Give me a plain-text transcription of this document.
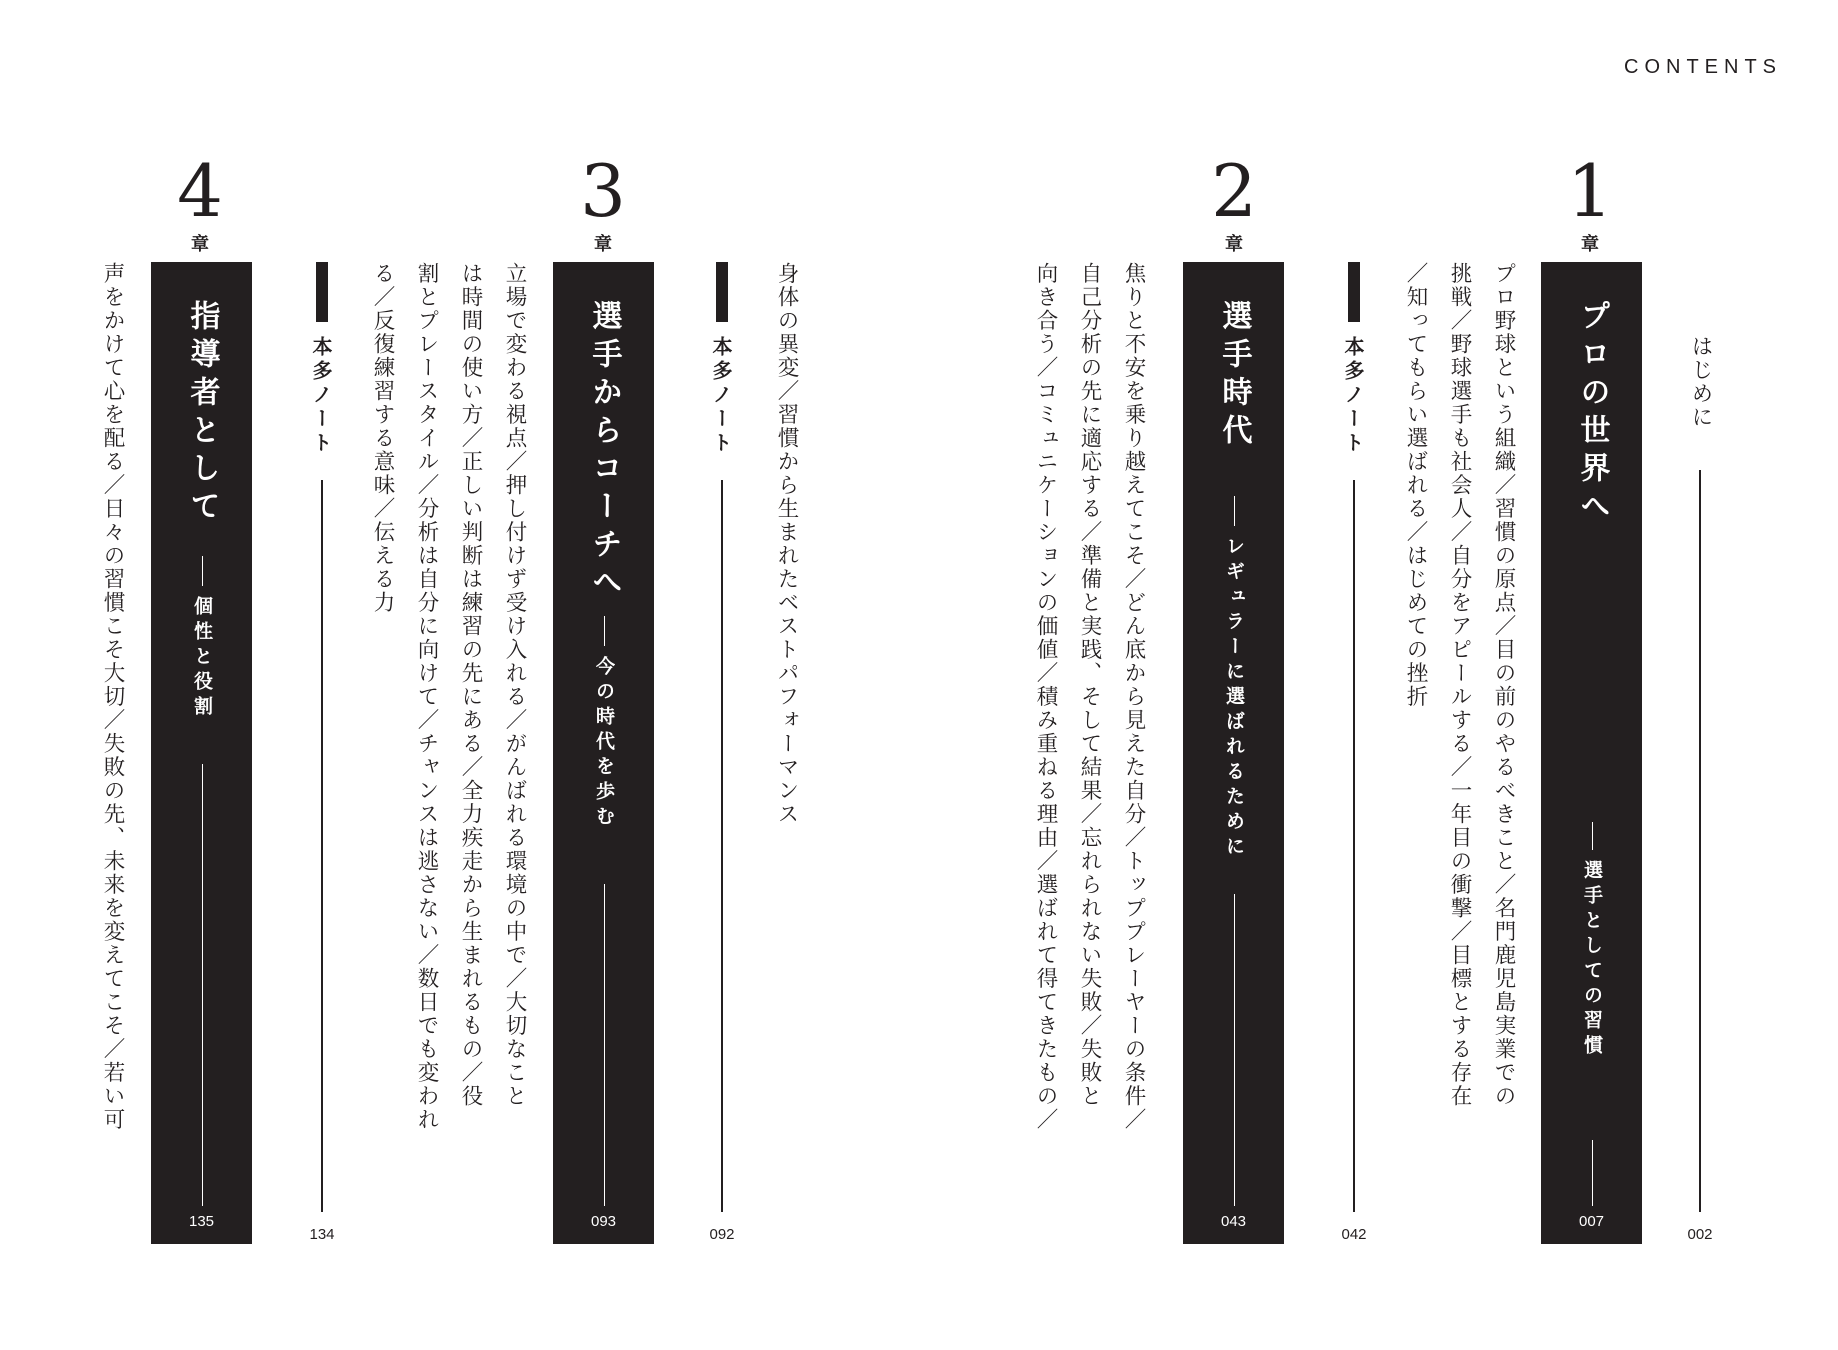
CONTENTS
はじめに
002
1
章
プロの世界へ
選手としての習慣
007
プロ野球という組織／習慣の原点／目の前のやるべきこと／名門鹿児島実業での
挑戦／野球選手も社会人／自分をアピールする／一年目の衝撃／目標とする存在
／知ってもらい選ばれる／はじめての挫折
本多ノート
042
2
章
選手時代
レギュラーに選ばれるために
043
焦りと不安を乗り越えてこそ／どん底から見えた自分／トッププレーヤーの条件／
自己分析の先に適応する／準備と実践、そして結果／忘れられない失敗／失敗と
向き合う／コミュニケーションの価値／積み重ねる理由／選ばれて得てきたもの／
身体の異変／習慣から生まれたベストパフォーマンス
本多ノート
092
3
章
選手からコーチへ
今の時代を歩む
093
立場で変わる視点／押し付けず受け入れる／がんばれる環境の中で／大切なこと
は時間の使い方／正しい判断は練習の先にある／全力疾走から生まれるもの／役
割とプレースタイル／分析は自分に向けて／チャンスは逃さない／数日でも変われ
る／反復練習する意味／伝える力
本多ノート
134
4
章
指導者として
個性と役割
135
声をかけて心を配る／日々の習慣こそ大切／失敗の先、未来を変えてこそ／若い可
